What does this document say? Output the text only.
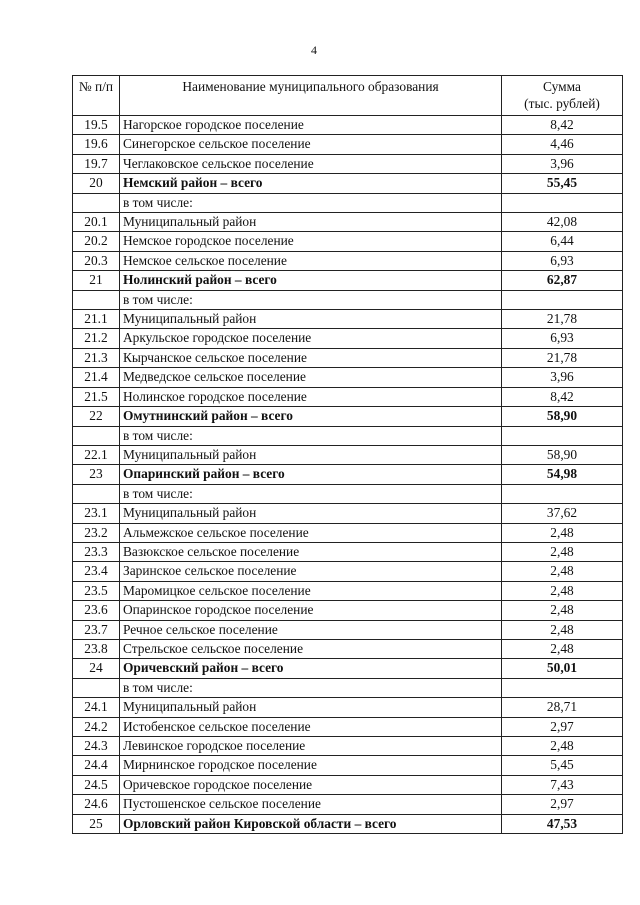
4
№ п/п	Наименование муниципального образования	Сумма
(тыс. рублей)

19.5	Нагорское городское поселение	8,42
19.6	Синегорское сельское поселение	4,46
19.7	Чеглаковское сельское поселение	3,96
20	Немский район – всего	55,45
	в том числе:	
20.1	Муниципальный район	42,08
20.2	Немское городское поселение	6,44
20.3	Немское сельское поселение	6,93
21	Нолинский район – всего	62,87
	в том числе:	
21.1	Муниципальный район	21,78
21.2	Аркульское городское поселение	6,93
21.3	Кырчанское сельское поселение	21,78
21.4	Медведское сельское поселение	3,96
21.5	Нолинское городское поселение	8,42
22	Омутнинский район – всего	58,90
	в том числе:	
22.1	Муниципальный район	58,90
23	Опаринский район – всего	54,98
	в том числе:	
23.1	Муниципальный район	37,62
23.2	Альмежское сельское поселение	2,48
23.3	Вазюкское сельское поселение	2,48
23.4	Заринское сельское поселение	2,48
23.5	Маромицкое сельское поселение	2,48
23.6	Опаринское городское поселение	2,48
23.7	Речное сельское поселение	2,48
23.8	Стрельское сельское поселение	2,48
24	Оричевский район – всего	50,01
	в том числе:	
24.1	Муниципальный район	28,71
24.2	Истобенское сельское поселение	2,97
24.3	Левинское городское поселение	2,48
24.4	Мирнинское городское поселение	5,45
24.5	Оричевское городское поселение	7,43
24.6	Пустошенское сельское поселение	2,97
25	Орловский район Кировской области – всего	47,53
